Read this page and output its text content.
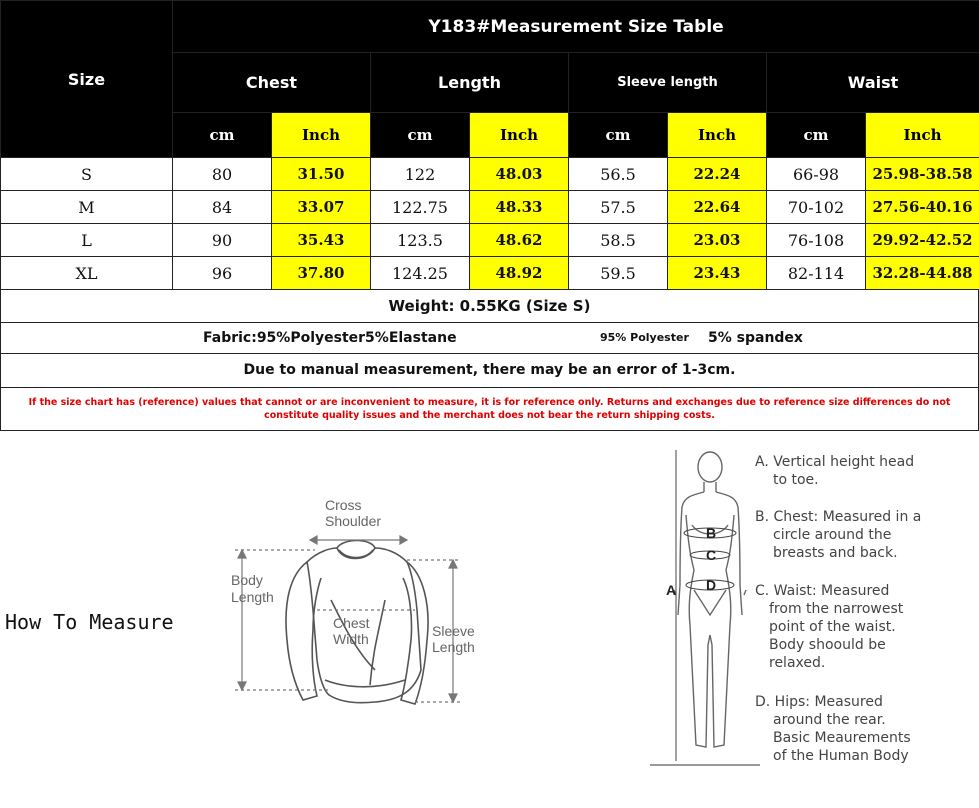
Size	Y183#Measurement Size Table							
	Chest		Length		Sleeve length		Waist	
	cm	Inch	cm	Inch	cm	Inch	cm	Inch
S	80	31.50	122	48.03	56.5	22.24	66-98	25.98-38.58
M	84	33.07	122.75	48.33	57.5	22.64	70-102	27.56-40.16
L	90	35.43	123.5	48.62	58.5	23.03	76-108	29.92-42.52
XL	96	37.80	124.25	48.92	59.5	23.43	82-114	32.28-44.88
Weight: 0.55KG (Size S)
Fabric:95%Polyester5%Elastane	95% Polyester 5% spandex
Due to manual measurement, there may be an error of 1-3cm.
If the size chart has (reference) values that cannot or are inconvenient to measure, it is for reference only. Returns and exchanges due to reference size differences do not
constitute quality issues and the merchant does not bear the return shipping costs.
How To Measure
Cross
Shoulder
Body
Length
Chest
Width	Sleeve
Length
A
B
C
D
A. Vertical height head
to toe.
B. Chest: Measured in a
circle around the
breasts and back.
C. Waist: Measured
from the narrowest
point of the waist.
Body shoould be
relaxed.
D. Hips: Measured
around the rear.
Basic Meaurements
of the Human Body
